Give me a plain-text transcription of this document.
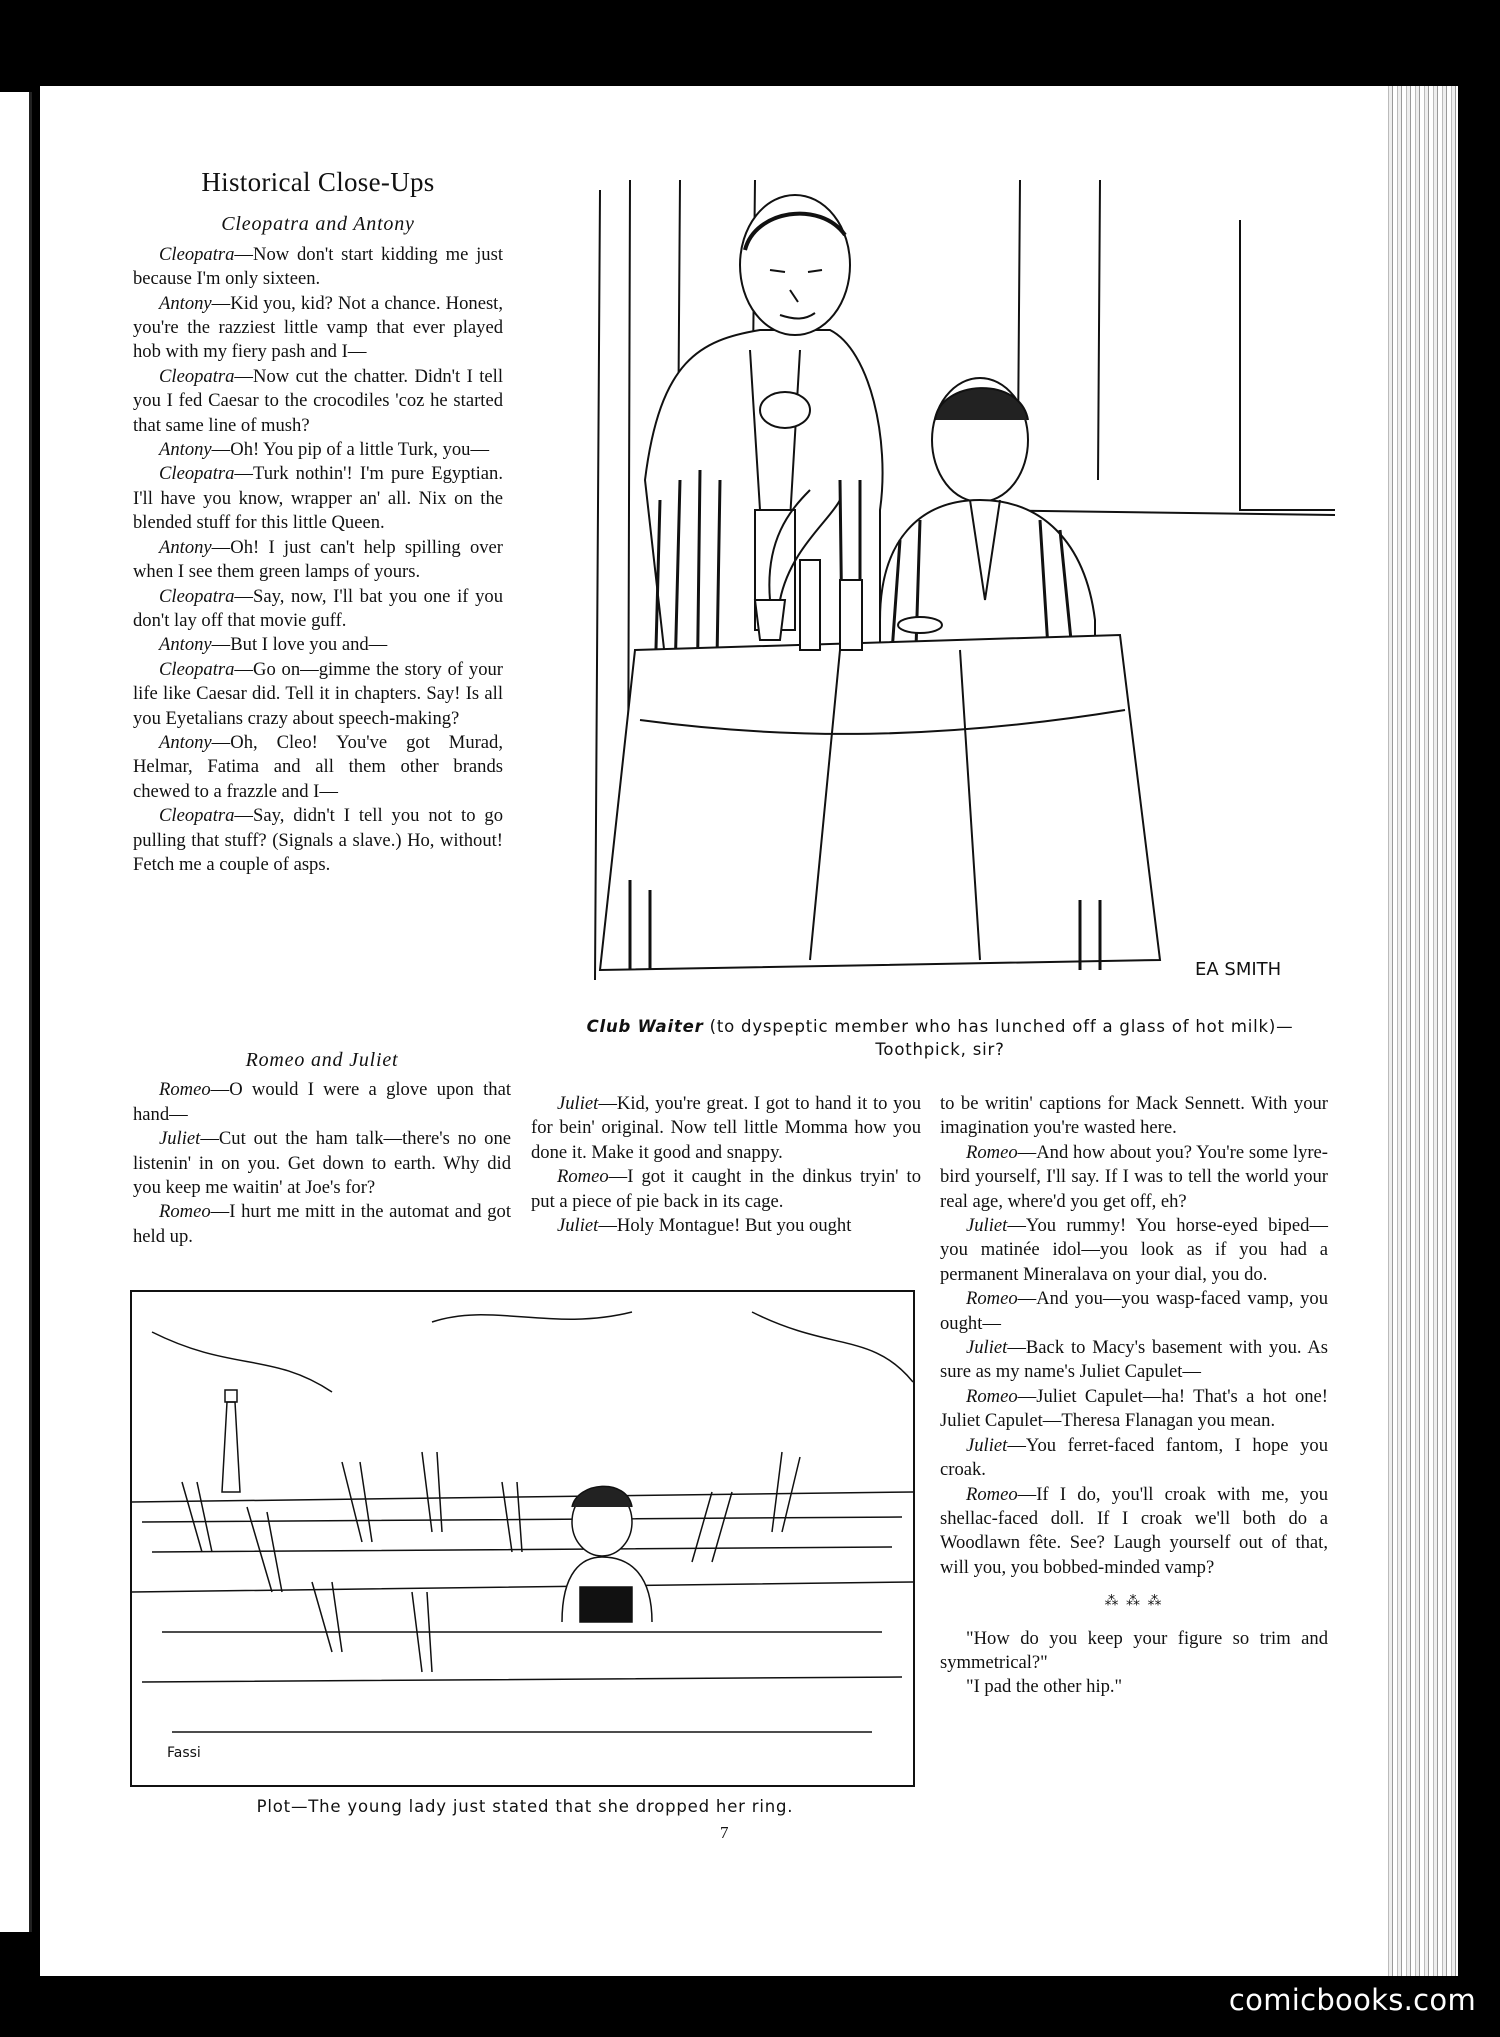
Historical Close-Ups
Cleopatra and Antony

Cleopatra—Now don't start kidding me just because I'm only sixteen.

Antony—Kid you, kid? Not a chance. Honest, you're the razziest little vamp that ever played hob with my fiery pash and I—

Cleopatra—Now cut the chatter. Didn't I tell you I fed Caesar to the crocodiles 'coz he started that same line of mush?

Antony—Oh! You pip of a little Turk, you—

Cleopatra—Turk nothin'! I'm pure Egyptian. I'll have you know, wrapper an' all. Nix on the blended stuff for this little Queen.

Antony—Oh! I just can't help spilling over when I see them green lamps of yours.

Cleopatra—Say, now, I'll bat you one if you don't lay off that movie guff.

Antony—But I love you and—

Cleopatra—Go on—gimme the story of your life like Caesar did. Tell it in chapters. Say! Is all you Eyetalians crazy about speech-making?

Antony—Oh, Cleo! You've got Murad, Helmar, Fatima and all them other brands chewed to a frazzle and I—

Cleopatra—Say, didn't I tell you not to go pulling that stuff? (Signals a slave.) Ho, without! Fetch me a couple of asps.

Romeo and Juliet

Romeo—O would I were a glove upon that hand—

Juliet—Cut out the ham talk—there's no one listenin' in on you. Get down to earth. Why did you keep me waitin' at Joe's for?

Romeo—I hurt me mitt in the automat and got held up.

Juliet—Kid, you're great. I got to hand it to you for bein' original. Now tell little Momma how you done it. Make it good and snappy.

Romeo—I got it caught in the dinkus tryin' to put a piece of pie back in its cage.

Juliet—Holy Montague! But you ought

to be writin' captions for Mack Sennett. With your imagination you're wasted here.

Romeo—And how about you? You're some lyre-bird yourself, I'll say. If I was to tell the world your real age, where'd you get off, eh?

Juliet—You rummy! You horse-eyed biped—you matinée idol—you look as if you had a permanent Mineralava on your dial, you do.

Romeo—And you—you wasp-faced vamp, you ought—

Juliet—Back to Macy's basement with you. As sure as my name's Juliet Capulet—

Romeo—Juliet Capulet—ha! That's a hot one! Juliet Capulet—Theresa Flanagan you mean.

Juliet—You ferret-faced fantom, I hope you croak.

Romeo—If I do, you'll croak with me, you shellac-faced doll. If I croak we'll both do a Woodlawn fête. See? Laugh yourself out of that, will you, you bobbed-minded vamp?

⁂ ⁂ ⁂

"How do you keep your figure so trim and symmetrical?"

"I pad the other hip."

EA SMITH
Club Waiter (to dyspeptic member who has lunched off a glass of hot milk)—
Toothpick, sir?
Fassi
Plot—The young lady just stated that she dropped her ring.
7
comicbooks.com
